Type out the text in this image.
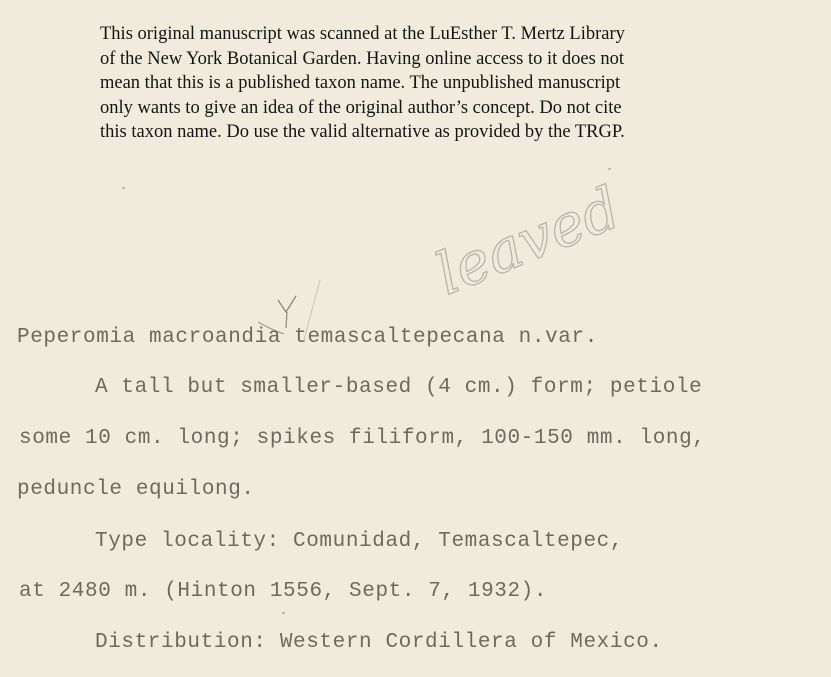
This original manuscript was scanned at the LuEsther T. Mertz Library
of the New York Botanical Garden. Having online access to it does not
mean that this is a published taxon name. The unpublished manuscript
only wants to give an idea of the original author’s concept. Do not cite
this taxon name. Do use the valid alternative as provided by the TRGP.
leaved
Peperomia macroandia temascaltepecana n.var.
A tall but smaller-based (4 cm.) form; petiole
some 10 cm. long; spikes filiform, 100-150 mm. long,
peduncle equilong.
Type locality: Comunidad, Temascaltepec,
at 2480 m. (Hinton 1556, Sept. 7, 1932).
Distribution: Western Cordillera of Mexico.
